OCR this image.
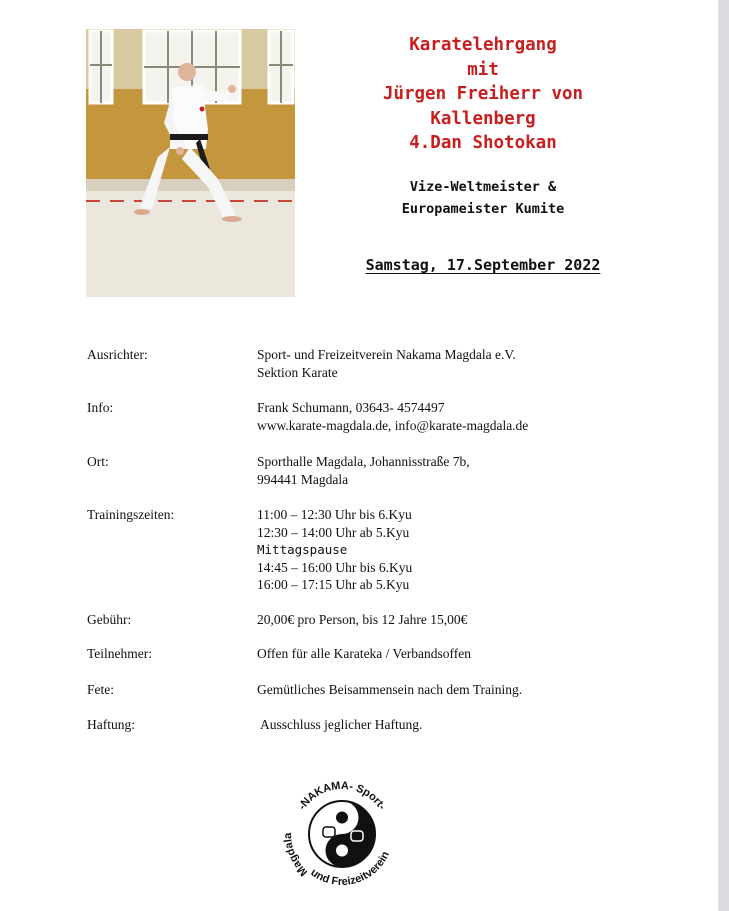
Karatelehrgang
mit
Jürgen Freiherr von
Kallenberg
4.Dan Shotokan
Vize-Weltmeister &
Europameister Kumite
Samstag, 17.September 2022
Ausrichter:	Sport- und Freizeitverein Nakama Magdala e.V.
Sektion Karate
Info:	Frank Schumann, 03643- 4574497
www.karate-magdala.de, info@karate-magdala.de
Ort:	Sporthalle Magdala, Johannisstraße 7b,
994441 Magdala
Trainingszeiten:	11:00 – 12:30 Uhr bis 6.Kyu
12:30 – 14:00 Uhr ab 5.Kyu
Mittagspause
14:45 – 16:00 Uhr bis 6.Kyu
16:00 – 17:15 Uhr ab 5.Kyu
Gebühr:	20,00€ pro Person, bis 12 Jahre 15,00€
Teilnehmer:	Offen für alle Karateka / Verbandsoffen
Fete:	Gemütliches Beisammensein nach dem Training.
Haftung:	Ausschluss jeglicher Haftung.
-NAKAMA- Sport-
und Freizeitverein
Magdala
